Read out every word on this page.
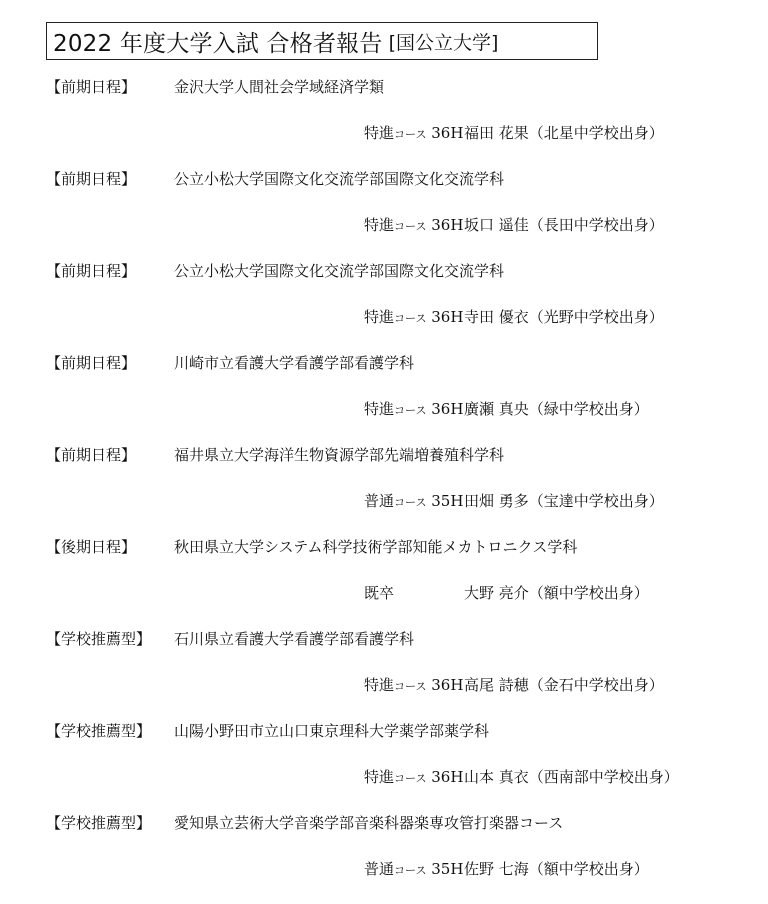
2022 年度大学入試 合格者報告 [国公立大学]
【前期日程】	金沢大学人間社会学域経済学類
特進コース 36H 福田 花果（北星中学校出身）
【前期日程】	公立小松大学国際文化交流学部国際文化交流学科
特進コース 36H 坂口 遥佳（長田中学校出身）
【前期日程】	公立小松大学国際文化交流学部国際文化交流学科
特進コース 36H 寺田 優衣（光野中学校出身）
【前期日程】	川崎市立看護大学看護学部看護学科
特進コース 36H 廣瀬 真央（緑中学校出身）
【前期日程】	福井県立大学海洋生物資源学部先端増養殖科学科
普通コース 35H 田畑 勇多（宝達中学校出身）
【後期日程】	秋田県立大学システム科学技術学部知能メカトロニクス学科
既卒	大野 亮介（額中学校出身）
【学校推薦型】	石川県立看護大学看護学部看護学科
特進コース 36H 高尾 詩穂（金石中学校出身）
【学校推薦型】	山陽小野田市立山口東京理科大学薬学部薬学科
特進コース 36H 山本 真衣（西南部中学校出身）
【学校推薦型】	愛知県立芸術大学音楽学部音楽科器楽専攻管打楽器コース
普通コース 35H 佐野 七海（額中学校出身）
